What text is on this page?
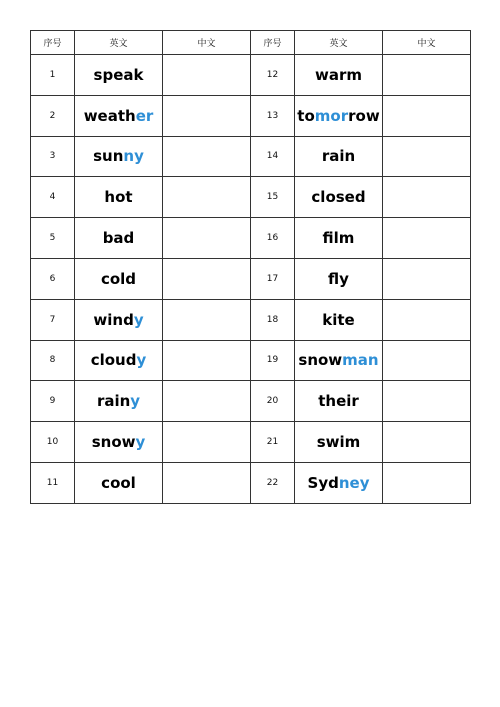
序号	英文	中文	序号	英文	中文
1	speak		12	warm	
2	weather		13	tomorrow	
3	sunny		14	rain	
4	hot		15	closed	
5	bad		16	film	
6	cold		17	fly	
7	windy		18	kite	
8	cloudy		19	snowman	
9	rainy		20	their	
10	snowy		21	swim	
11	cool		22	Sydney	
